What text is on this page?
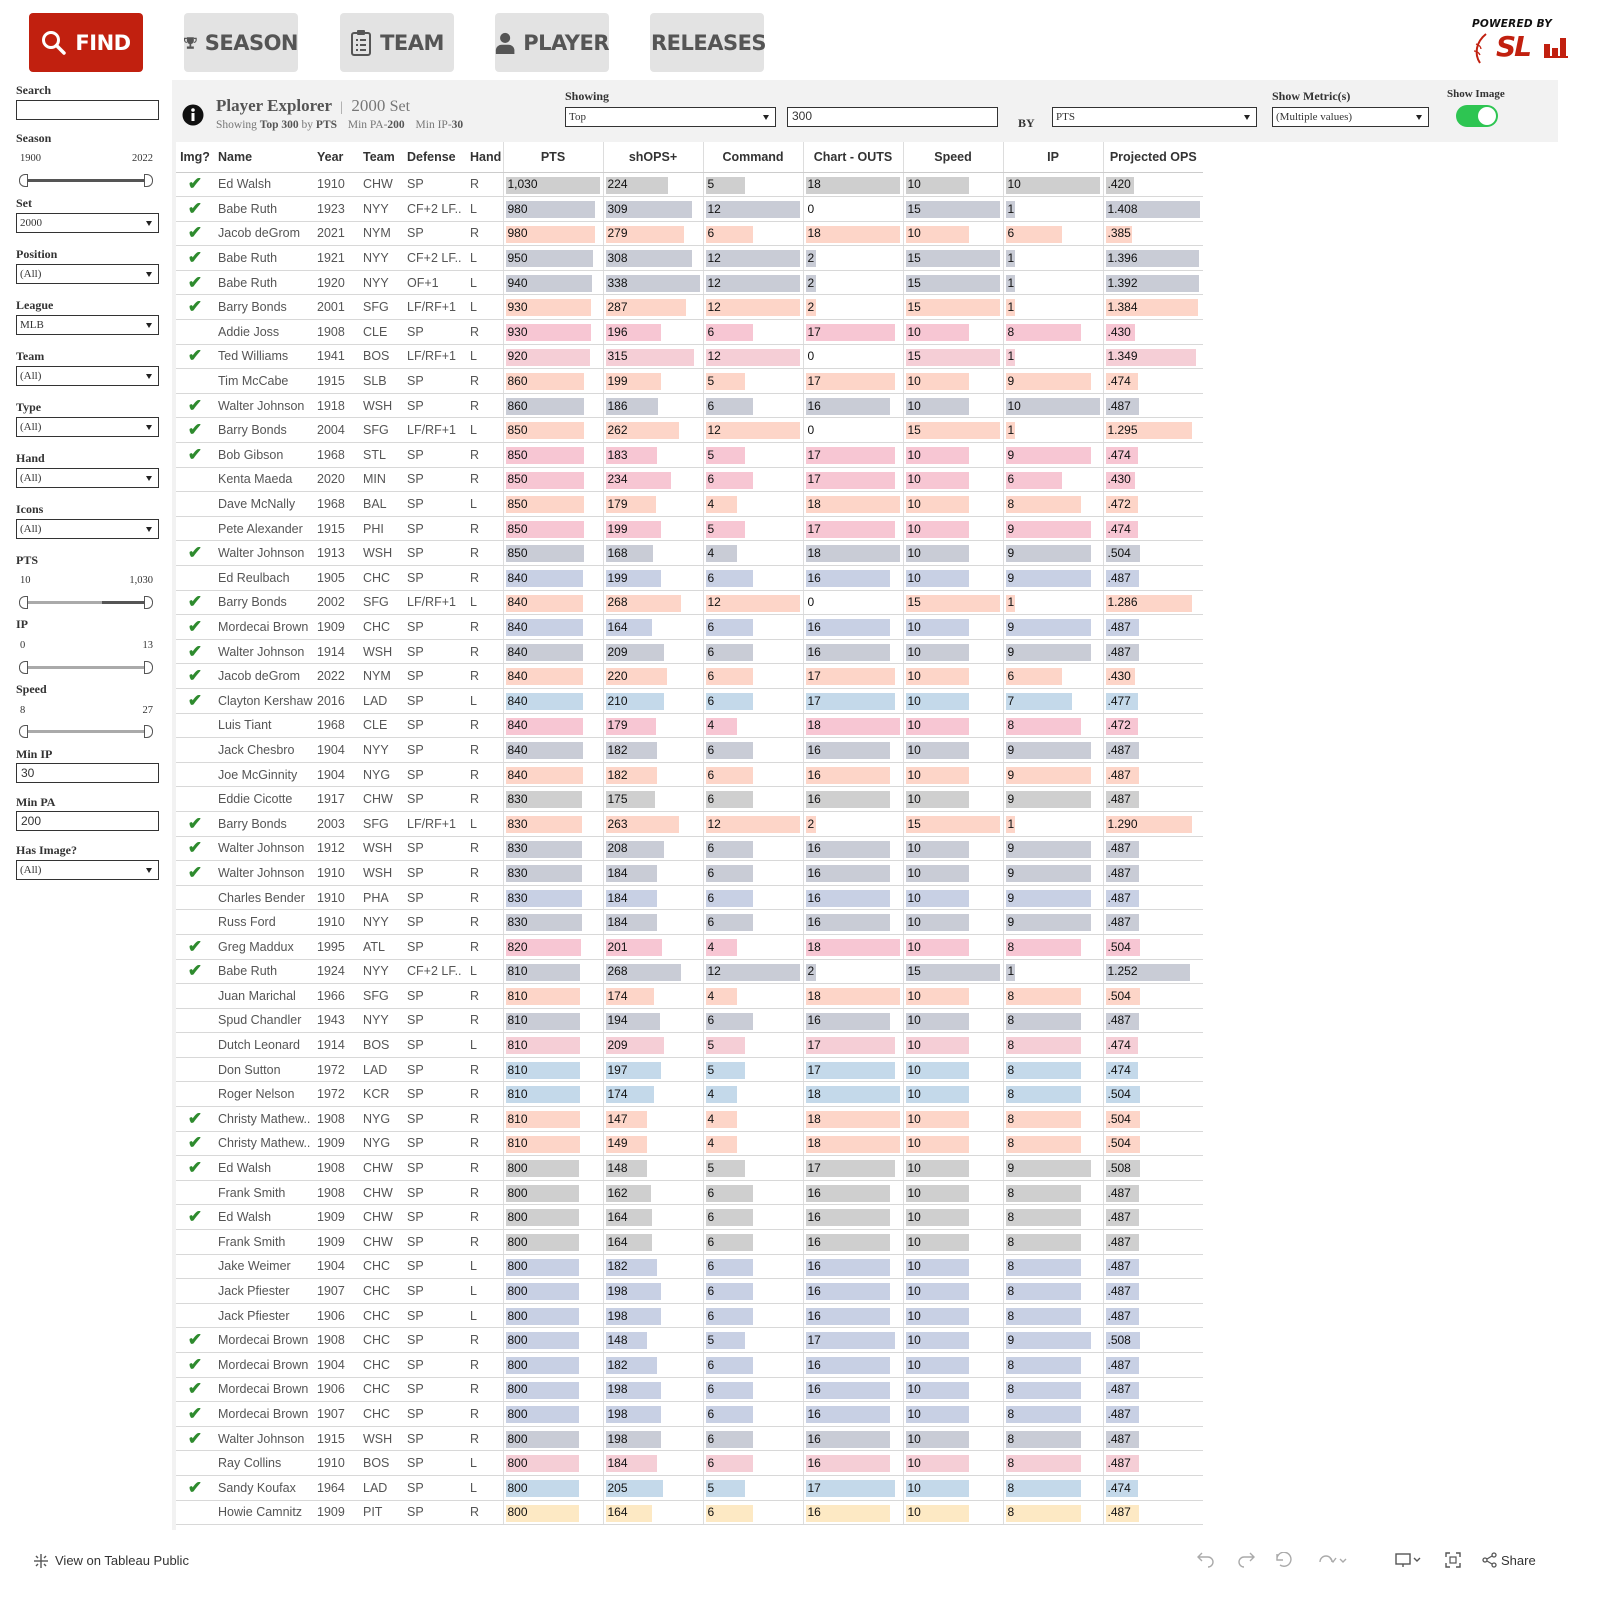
FIND	SEASON	TEAM	PLAYER RELEASES
POWERED BY
SL
Search
Season
1900	2022
Set
2000
Position
(All)
League
MLB
Team
(All)
Type
(All)
Hand
(All)
Icons
(All)
PTS
10	1,030
IP
0	13
Speed
8	27
Min IP
30
Min PA
200
Has Image?
(All)
Player Explorer | 2000 Set
Showing Top 300 by PTS Min PA-200 Min IP-30
Showing
Top	300	BY	PTS
Show Metric(s)
(Multiple values)
Show Image
Img?	Name	Year	Team	Defense	Hand	PTS	shOPS+	Command	Chart - OUTS	Speed	IP	Projected OPS
✔	Ed Walsh	1910	CHW	SP	R	1,030	224	5	18	10	10	.420
✔	Babe Ruth	1923	NYY	CF+2 LF..	L	980	309	12	0	15	1	1.408
✔	Jacob deGrom	2021	NYM	SP	R	980	279	6	18	10	6	.385
✔	Babe Ruth	1921	NYY	CF+2 LF..	L	950	308	12	2	15	1	1.396
✔	Babe Ruth	1920	NYY	OF+1	L	940	338	12	2	15	1	1.392
✔	Barry Bonds	2001	SFG	LF/RF+1	L	930	287	12	2	15	1	1.384
	Addie Joss	1908	CLE	SP	R	930	196	6	17	10	8	.430
✔	Ted Williams	1941	BOS	LF/RF+1	L	920	315	12	0	15	1	1.349
	Tim McCabe	1915	SLB	SP	R	860	199	5	17	10	9	.474
✔	Walter Johnson	1918	WSH	SP	R	860	186	6	16	10	10	.487
✔	Barry Bonds	2004	SFG	LF/RF+1	L	850	262	12	0	15	1	1.295
✔	Bob Gibson	1968	STL	SP	R	850	183	5	17	10	9	.474
	Kenta Maeda	2020	MIN	SP	R	850	234	6	17	10	6	.430
	Dave McNally	1968	BAL	SP	L	850	179	4	18	10	8	.472
	Pete Alexander	1915	PHI	SP	R	850	199	5	17	10	9	.474
✔	Walter Johnson	1913	WSH	SP	R	850	168	4	18	10	9	.504
	Ed Reulbach	1905	CHC	SP	R	840	199	6	16	10	9	.487
✔	Barry Bonds	2002	SFG	LF/RF+1	L	840	268	12	0	15	1	1.286
✔	Mordecai Brown	1909	CHC	SP	R	840	164	6	16	10	9	.487
✔	Walter Johnson	1914	WSH	SP	R	840	209	6	16	10	9	.487
✔	Jacob deGrom	2022	NYM	SP	R	840	220	6	17	10	6	.430
✔	Clayton Kershaw	2016	LAD	SP	L	840	210	6	17	10	7	.477
	Luis Tiant	1968	CLE	SP	R	840	179	4	18	10	8	.472
	Jack Chesbro	1904	NYY	SP	R	840	182	6	16	10	9	.487
	Joe McGinnity	1904	NYG	SP	R	840	182	6	16	10	9	.487
	Eddie Cicotte	1917	CHW	SP	R	830	175	6	16	10	9	.487
✔	Barry Bonds	2003	SFG	LF/RF+1	L	830	263	12	2	15	1	1.290
✔	Walter Johnson	1912	WSH	SP	R	830	208	6	16	10	9	.487
✔	Walter Johnson	1910	WSH	SP	R	830	184	6	16	10	9	.487
	Charles Bender	1910	PHA	SP	R	830	184	6	16	10	9	.487
	Russ Ford	1910	NYY	SP	R	830	184	6	16	10	9	.487
✔	Greg Maddux	1995	ATL	SP	R	820	201	4	18	10	8	.504
✔	Babe Ruth	1924	NYY	CF+2 LF..	L	810	268	12	2	15	1	1.252
	Juan Marichal	1966	SFG	SP	R	810	174	4	18	10	8	.504
	Spud Chandler	1943	NYY	SP	R	810	194	6	16	10	8	.487
	Dutch Leonard	1914	BOS	SP	L	810	209	5	17	10	8	.474
	Don Sutton	1972	LAD	SP	R	810	197	5	17	10	8	.474
	Roger Nelson	1972	KCR	SP	R	810	174	4	18	10	8	.504
✔	Christy Mathew..	1908	NYG	SP	R	810	147	4	18	10	8	.504
✔	Christy Mathew..	1909	NYG	SP	R	810	149	4	18	10	8	.504
✔	Ed Walsh	1908	CHW	SP	R	800	148	5	17	10	9	.508
	Frank Smith	1908	CHW	SP	R	800	162	6	16	10	8	.487
✔	Ed Walsh	1909	CHW	SP	R	800	164	6	16	10	8	.487
	Frank Smith	1909	CHW	SP	R	800	164	6	16	10	8	.487
	Jake Weimer	1904	CHC	SP	L	800	182	6	16	10	8	.487
	Jack Pfiester	1907	CHC	SP	L	800	198	6	16	10	8	.487
	Jack Pfiester	1906	CHC	SP	L	800	198	6	16	10	8	.487
✔	Mordecai Brown	1908	CHC	SP	R	800	148	5	17	10	9	.508
✔	Mordecai Brown	1904	CHC	SP	R	800	182	6	16	10	8	.487
✔	Mordecai Brown	1906	CHC	SP	R	800	198	6	16	10	8	.487
✔	Mordecai Brown	1907	CHC	SP	R	800	198	6	16	10	8	.487
✔	Walter Johnson	1915	WSH	SP	R	800	198	6	16	10	8	.487
	Ray Collins	1910	BOS	SP	L	800	184	6	16	10	8	.487
✔	Sandy Koufax	1964	LAD	SP	L	800	205	5	17	10	8	.474
	Howie Camnitz	1909	PIT	SP	R	800	164	6	16	10	8	.487
View on Tableau Public	Share
